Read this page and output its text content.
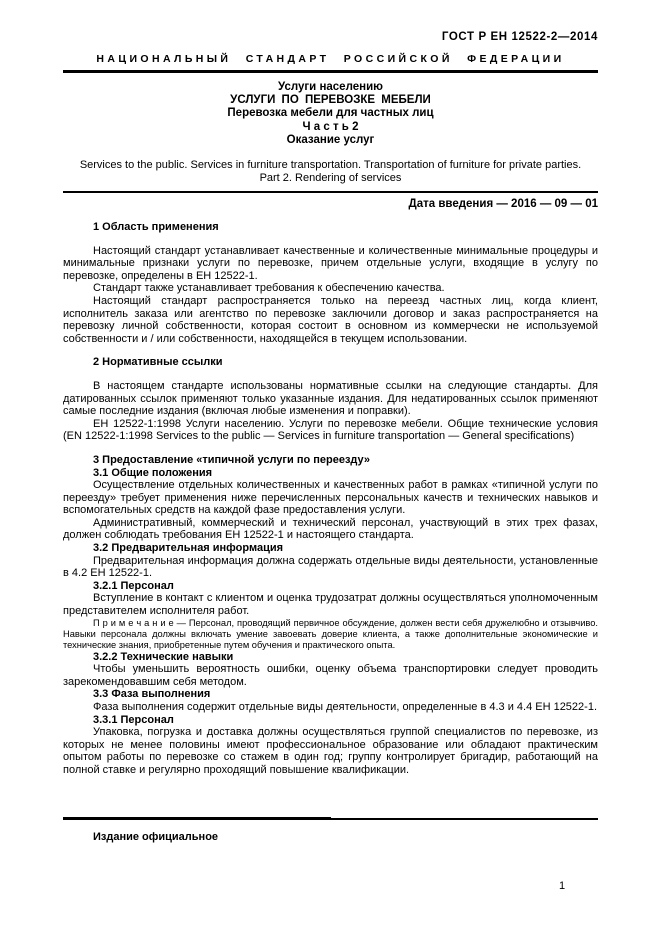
ГОСТ Р ЕН 12522-2—2014
НАЦИОНАЛЬНЫЙ СТАНДАРТ РОССИЙСКОЙ ФЕДЕРАЦИИ
Услуги населению
УСЛУГИ ПО ПЕРЕВОЗКЕ МЕБЕЛИ
Перевозка мебели для частных лиц
Ч а с т ь 2
Оказание услуг
Services to the public. Services in furniture transportation. Transportation of furniture for private parties.
Part 2. Rendering of services
Дата введения — 2016 — 09 — 01
1 Область применения
Настоящий стандарт устанавливает качественные и количественные минимальные процедуры и минимальные признаки услуги по перевозке, причем отдельные услуги, входящие в услугу по перевозке, определены в ЕН 12522-1.
Стандарт также устанавливает требования к обеспечению качества.
Настоящий стандарт распространяется только на переезд частных лиц, когда клиент, исполнитель заказа или агентство по перевозке заключили договор и заказ распространяется на перевозку личной собственности, которая состоит в основном из коммерчески не используемой собственности и / или собственности, находящейся в текущем использовании.
2 Нормативные ссылки
В настоящем стандарте использованы нормативные ссылки на следующие стандарты. Для датированных ссылок применяют только указанные издания. Для недатированных ссылок применяют самые последние издания (включая любые изменения и поправки).
ЕН 12522-1:1998 Услуги населению. Услуги по перевозке мебели. Общие технические условия (EN 12522-1:1998 Services to the public — Services in furniture transportation — General specifications)
3 Предоставление «типичной услуги по переезду»
3.1 Общие положения
Осуществление отдельных количественных и качественных работ в рамках «типичной услуги по переезду» требует применения ниже перечисленных персональных качеств и технических навыков и вспомогательных средств на каждой фазе предоставления услуги.
Административный, коммерческий и технический персонал, участвующий в этих трех фазах, должен соблюдать требования ЕН 12522-1 и настоящего стандарта.
3.2 Предварительная информация
Предварительная информация должна содержать отдельные виды деятельности, установленные в 4.2 ЕН 12522-1.
3.2.1 Персонал
Вступление в контакт с клиентом и оценка трудозатрат должны осуществляться уполномоченным представителем исполнителя работ.
П р и м е ч а н и е — Персонал, проводящий первичное обсуждение, должен вести себя дружелюбно и отзывчиво. Навыки персонала должны включать умение завоевать доверие клиента, а также дополнительные экономические и технические знания, приобретенные путем обучения и практического опыта.
3.2.2 Технические навыки
Чтобы уменьшить вероятность ошибки, оценку объема транспортировки следует проводить зарекомендовавшим себя методом.
3.3 Фаза выполнения
Фаза выполнения содержит отдельные виды деятельности, определенные в 4.3 и 4.4 ЕН 12522-1.
3.3.1 Персонал
Упаковка, погрузка и доставка должны осуществляться группой специалистов по перевозке, из которых не менее половины имеют профессиональное образование или обладают практическим опытом работы по перевозке со стажем в один год; группу контролирует бригадир, работающий на полной ставке и регулярно проходящий повышение квалификации.
Издание официальное
1
